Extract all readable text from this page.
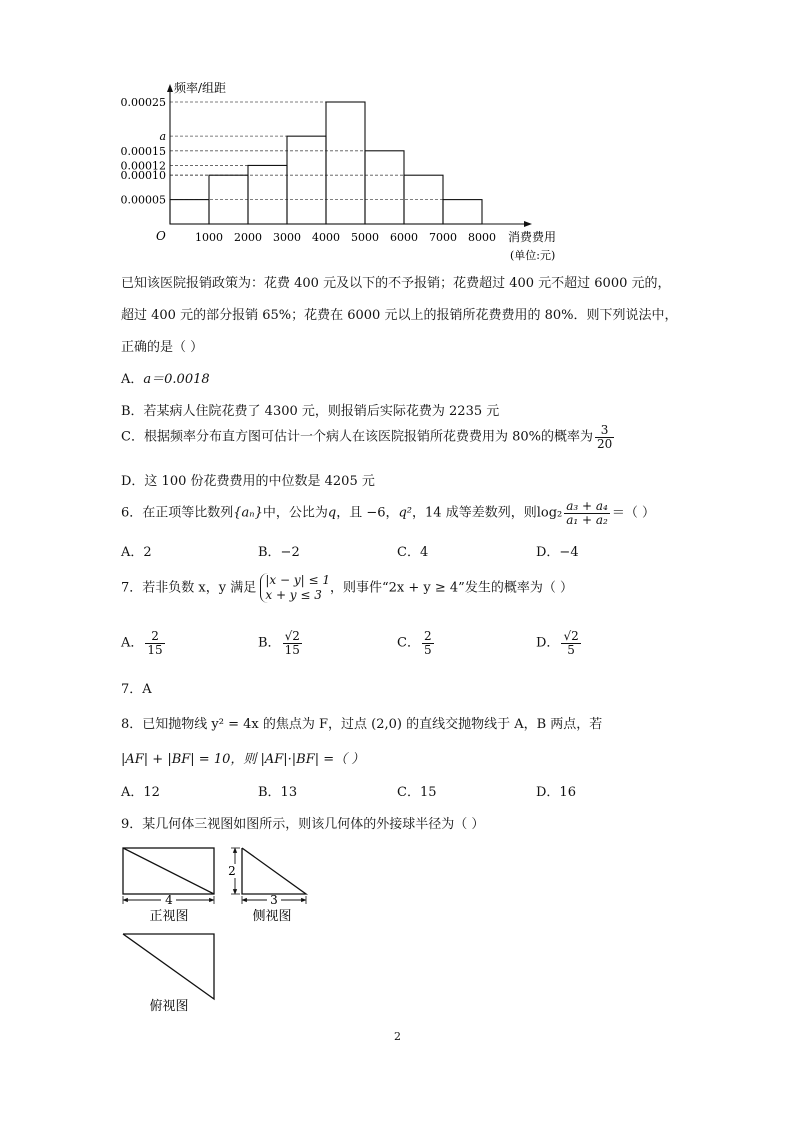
0.00025
a
0.00015
0.00012
0.00010
0.00005
1000 2000 3000 4000 5000 6000 7000 8000
频率/组距
O	消费费用
(单位:元)
已知该医院报销政策为：花费 400 元及以下的不予报销；花费超过 400 元不超过 6000 元的，
超过 400 元的部分报销 65%；花费在 6000 元以上的报销所花费费用的 80%．则下列说法中，
正确的是（ ）
A．a＝0.0018
B．若某病人住院花费了 4300 元，则报销后实际花费为 2235 元
C．根据频率分布直方图可估计一个病人在该医院报销所花费费用为 80%的概率为 $\frac{3}{20}$
D．这 100 份花费费用的中位数是 4205 元
6．在正项等比数列{aₙ}中，公比为q，且 −6，q²，14 成等差数列，则$\log_2 \frac{\text{a₃ + a₄}}{\text{a₁ + a₂}}$ ＝（ ）
A．2	B．−2	C．4	D．−4
7．若非负数 x，y 满足
|x − y| ≤ 1
x + y ≤ 3 ，则事件“2x + y ≥ 4”发生的概率为（ ）
A． $\frac{2}{15}$	B． $\frac{√2}{15}$	C． $\frac{2}{5}$	D． $\frac{√2}{5}$
7．A
8．已知抛物线 y² = 4x 的焦点为 F，过点 (2,0) 的直线交抛物线于 A，B 两点，若
|AF| + |BF| = 10，则 |AF|·|BF| =（ ）
A．12	B．13	C．15	D．16
9．某几何体三视图如图所示，则该几何体的外接球半径为（ ）
4
正视图
2
3
侧视图
俯视图
2
